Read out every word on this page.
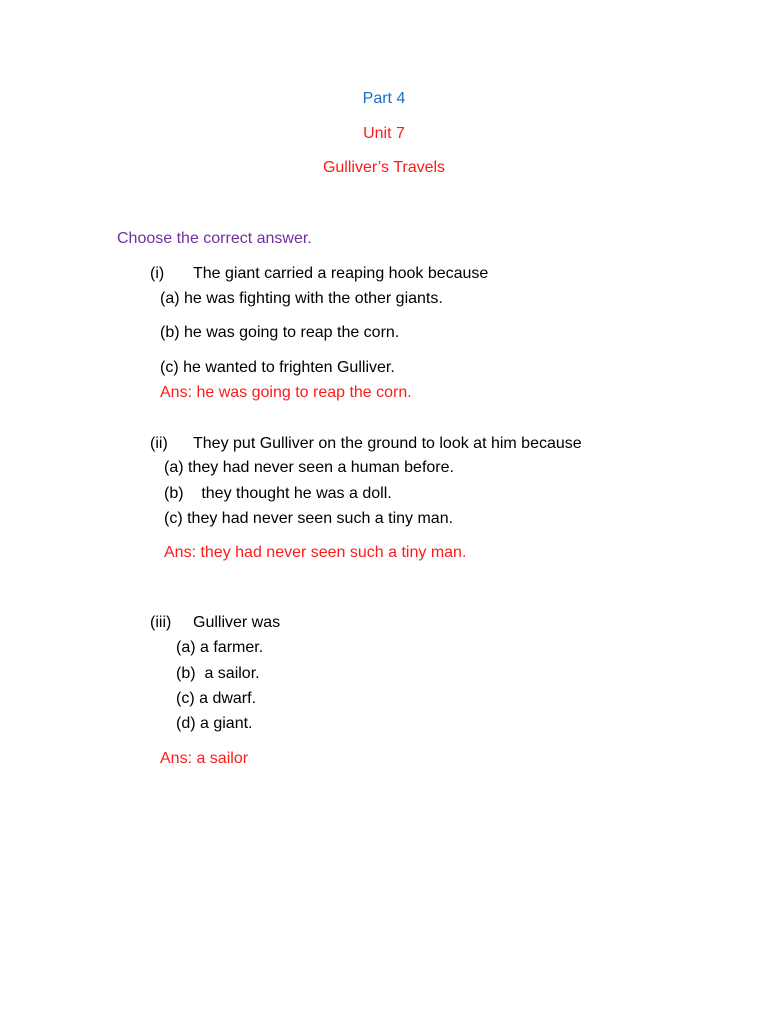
Part 4
Unit 7
Gulliver’s Travels
Choose the correct answer.
(i) The giant carried a reaping hook because
(a) he was fighting with the other giants.
(b) he was going to reap the corn.
(c) he wanted to frighten Gulliver.
Ans: he was going to reap the corn.
(ii) They put Gulliver on the ground to look at him because
(a) they had never seen a human before.
(b)    they thought he was a doll.
(c) they had never seen such a tiny man.
Ans: they had never seen such a tiny man.
(iii) Gulliver was
(a) a farmer.
(b)  a sailor.
(c) a dwarf.
(d) a giant.
Ans: a sailor
